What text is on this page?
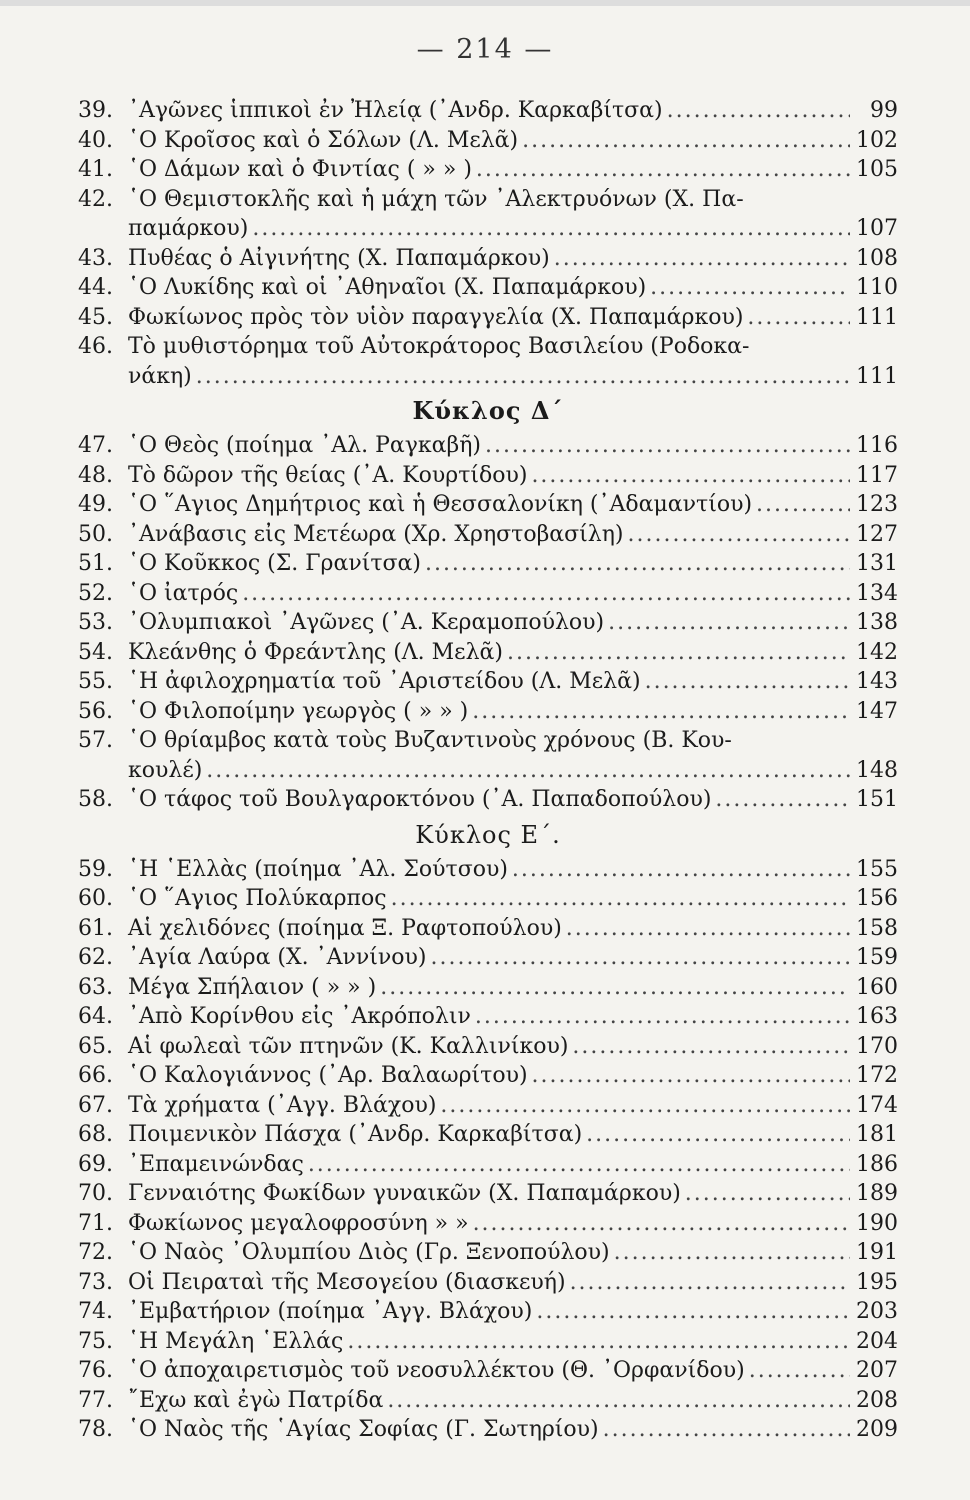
— 214 —
39. ᾿Αγῶνες ἱππικοὶ ἐν Ἠλείᾳ (᾿Ανδρ. Καρκαβίτσα) .....	99
40. ῾Ο Κροῖσος καὶ ὁ Σόλων (Λ. Μελᾶ) .....	102
41. ῾Ο Δάμων καὶ ὁ Φιντίας ( » » ) .....	105
42. ῾Ο Θεμιστοκλῆς καὶ ἡ μάχη τῶν ᾿Αλεκτρυόνων (Χ. Πα-
παμάρκου) .....	107
43. Πυθέας ὁ Αἰγινήτης (Χ. Παπαμάρκου) .....	108
44. ῾Ο Λυκίδης καὶ οἱ ᾿Αθηναῖοι (Χ. Παπαμάρκου) .....	110
45. Φωκίωνος πρὸς τὸν υἱὸν παραγγελία (Χ. Παπαμάρκου) .....	111
46. Τὸ μυθιστόρημα τοῦ Αὐτοκράτορος Βασιλείου (Ροδοκα-
νάκη) .....	111
Κύκλος Δ΄
47. ῾Ο Θεὸς (ποίημα ᾿Αλ. Ραγκαβῆ) .....	116
48. Τὸ δῶρον τῆς θείας (᾿Α. Κουρτίδου) .....	117
49. ῾Ο ῞Αγιος Δημήτριος καὶ ἡ Θεσσαλονίκη (᾿Αδαμαντίου) .....	123
50. ᾿Ανάβασις εἰς Μετέωρα (Χρ. Χρηστοβασίλη) .....	127
51. ῾Ο Κοῦκκος (Σ. Γρανίτσα) .....	131
52. ῾Ο ἰατρός .....	134
53. ᾿Ολυμπιακοὶ ᾿Αγῶνες (᾿Α. Κεραμοπούλου) .....	138
54. Κλεάνθης ὁ Φρεάντλης (Λ. Μελᾶ) .....	142
55. ῾Η ἀφιλοχρηματία τοῦ ᾿Αριστείδου (Λ. Μελᾶ) .....	143
56. ῾Ο Φιλοποίμην γεωργὸς ( » » ) .....	147
57. ῾Ο θρίαμβος κατὰ τοὺς Βυζαντινοὺς χρόνους (Β. Κου-
κουλέ) .....	148
58. ῾Ο τάφος τοῦ Βουλγαροκτόνου (᾿Α. Παπαδοπούλου) .....	151
Κύκλος Ε΄.
59. ῾Η ῾Ελλὰς (ποίημα ᾿Αλ. Σούτσου) .....	155
60. ῾Ο ῞Αγιος Πολύκαρπος .....	156
61. Αἱ χελιδόνες (ποίημα Ξ. Ραφτοπούλου) .....	158
62. ᾿Αγία Λαύρα (Χ. ᾿Αννίνου) .....	159
63. Μέγα Σπήλαιον ( » » ) .....	160
64. ᾿Απὸ Κορίνθου εἰς ᾿Ακρόπολιν .....	163
65. Αἱ φωλεαὶ τῶν πτηνῶν (Κ. Καλλινίκου) .....	170
66. ῾Ο Καλογιάννος (᾿Αρ. Βαλαωρίτου) .....	172
67. Τὰ χρήματα (᾿Αγγ. Βλάχου) .....	174
68. Ποιμενικὸν Πάσχα (᾿Ανδρ. Καρκαβίτσα) .....	181
69. ᾿Επαμεινώνδας .....	186
70. Γενναιότης Φωκίδων γυναικῶν (Χ. Παπαμάρκου) .....	189
71. Φωκίωνος μεγαλοφροσύνη » » .....	190
72. ῾Ο Ναὸς ᾿Ολυμπίου Διὸς (Γρ. Ξενοπούλου) .....	191
73. Οἱ Πειραταὶ τῆς Μεσογείου (διασκευή) .....	195
74. ᾿Εμβατήριον (ποίημα ᾿Αγγ. Βλάχου) .....	203
75. ῾Η Μεγάλη ῾Ελλάς .....	204
76. ῾Ο ἀποχαιρετισμὸς τοῦ νεοσυλλέκτου (Θ. ᾿Ορφανίδου) .....	207
77. ῎Εχω καὶ ἐγὼ Πατρίδα .....	208
78. ῾Ο Ναὸς τῆς ῾Αγίας Σοφίας (Γ. Σωτηρίου) .....	209
